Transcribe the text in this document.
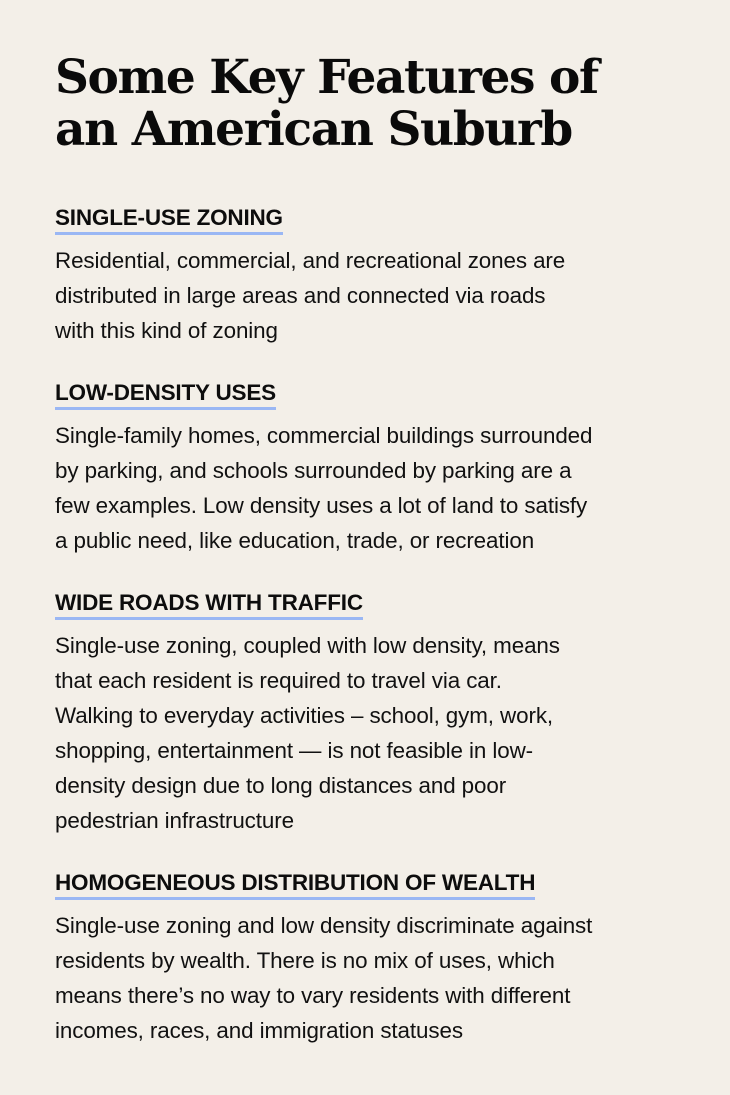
Some Key Features of
an American Suburb
SINGLE-USE ZONING

Residential, commercial, and recreational zones are
distributed in large areas and connected via roads
with this kind of zoning

LOW-DENSITY USES

Single-family homes, commercial buildings surrounded
by parking, and schools surrounded by parking are a
few examples. Low density uses a lot of land to satisfy
a public need, like education, trade, or recreation

WIDE ROADS WITH TRAFFIC

Single-use zoning, coupled with low density, means
that each resident is required to travel via car.
Walking to everyday activities – school, gym, work,
shopping, entertainment — is not feasible in low-
density design due to long distances and poor
pedestrian infrastructure

HOMOGENEOUS DISTRIBUTION OF WEALTH

Single-use zoning and low density discriminate against
residents by wealth. There is no mix of uses, which
means there’s no way to vary residents with different
incomes, races, and immigration statuses
